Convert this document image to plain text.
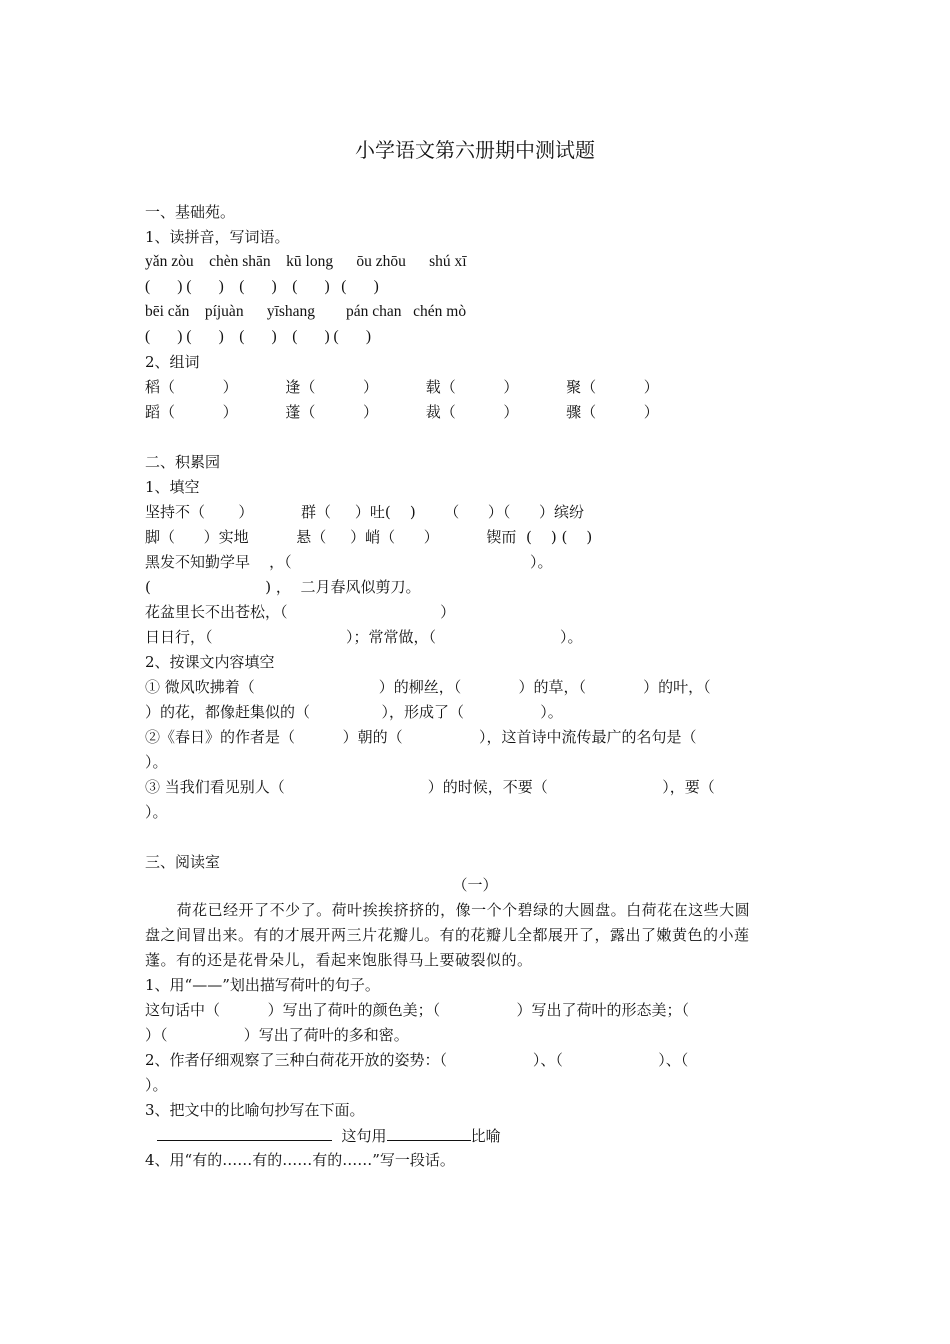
小学语文第六册期中测试题
一、基础苑。
1、读拼音，写词语。
yǎn zòu    chèn shān    kū long      ōu zhōu      shú xī
(       ) (       )    (       )    (       )   (       )
bēi cǎn    píjuàn      yīshang        pán chan   chén mò
(       ) (       )    (       )    (       ) (       )
2、组词
稻（          ）          逢（          ）          载（          ）          聚（          ）
蹈（          ）          蓬（          ）          裁（          ）          骤（          ）
二、积累园
1、填空
坚持不（       ）          群（     ）吐(    )      （      ）（      ）缤纷
脚（      ）实地          悬（     ）峭（      ）          锲而  (    ) (    )
黑发不知勤学早    ，（                                                  ）。
(                        ) ，  二月春风似剪刀。
花盆里长不出苍松，（                                ）
日日行，（                            ）；常常做，（                          ）。
2、按课文内容填空
① 微风吹拂着（                          ）的柳丝，（            ）的草，（            ）的叶，（
）的花，都像赶集似的（               ），形成了（                ）。
②《春日》的作者是（          ）朝的（                ），这首诗中流传最广的名句是（
）。
③ 当我们看见别人（                              ）的时候，不要（                        ），要（
）。
三、阅读室
（一）
荷花已经开了不少了。荷叶挨挨挤挤的，像一个个碧绿的大圆盘。白荷花在这些大圆
盘之间冒出来。有的才展开两三片花瓣儿。有的花瓣儿全都展开了，露出了嫩黄色的小莲
蓬。有的还是花骨朵儿，看起来饱胀得马上要破裂似的。
1、用“——”划出描写荷叶的句子。
这句话中（          ）写出了荷叶的颜色美；（                ）写出了荷叶的形态美；（
）（                ）写出了荷叶的多和密。
2、作者仔细观察了三种白荷花开放的姿势：（                  ）、（                    ）、（
）。
3、把文中的比喻句抄写在下面。
这句用	比喻
4、用“有的……有的……有的……”写一段话。
